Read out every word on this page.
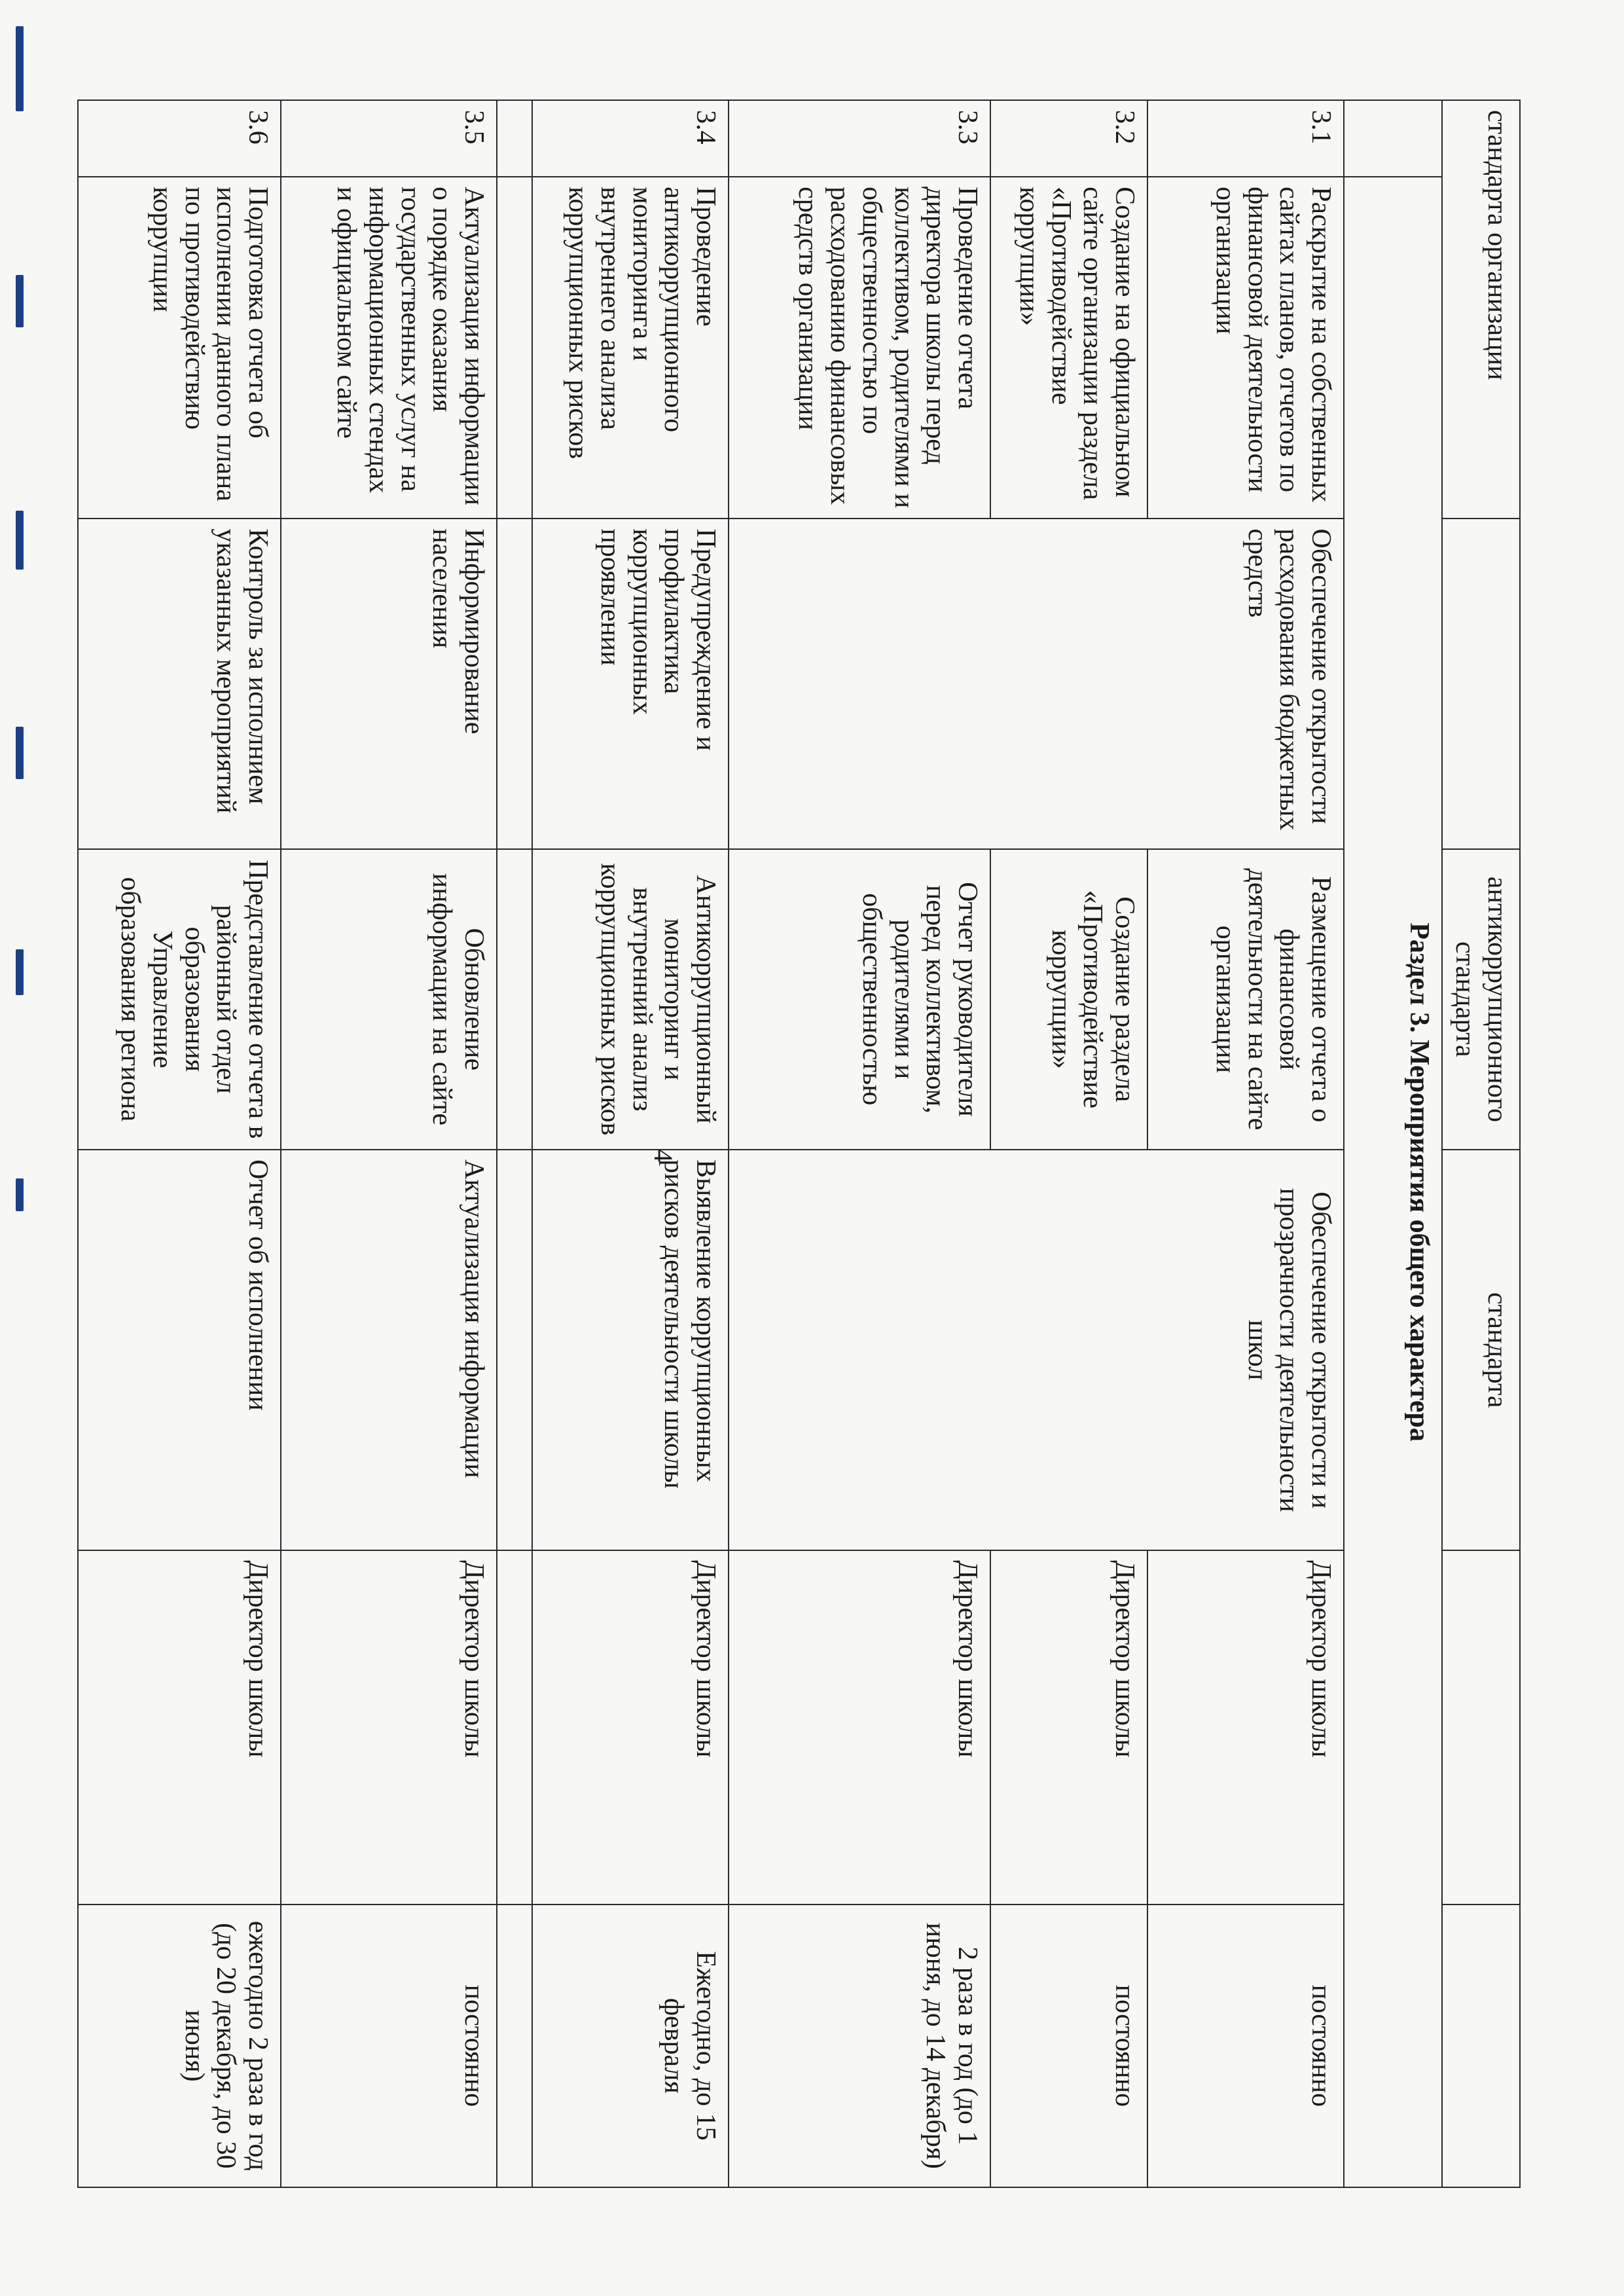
4
стандарта организации			антикоррупционного стандарта	стандарта		
	Раздел 3. Мероприятия общего характера					
3.1	Раскрытие на собственных сайтах планов, отчетов по финансовой деятельности организации	Обеспечение открытости расходования бюджетных средств	Размещение отчета о финансовой деятельности на сайте организации	Обеспечение открытости и прозрачности деятельности школ	Директор школы	постоянно
3.2	Создание на официальном сайте организации раздела «Противодействие коррупции»		Создание раздела «Противодействие коррупции»		Директор школы	постоянно
3.3	Проведение отчета директора школы перед коллективом, родителями и общественностью по расходованию финансовых средств организации		Отчет руководителя перед коллективом, родителями и общественностью		Директор школы	2 раза в год (до 1 июня, до 14 декабря)
3.4	Проведение антикоррупционного мониторинга и внутреннего анализа коррупционных рисков	Предупреждение и профилактика коррупционных проявлении	Антикоррупционный мониторинг и внутренний анализ коррупционных рисков	Выявление коррупционных рисков деятельности школы	Директор школы	Ежегодно, до 15 февраля

3.5	Актуализация информации о порядке оказания государственных услуг на информационных стендах и официальном сайте	Информирование населения	Обновление информации на сайте	Актуализация информации	Директор школы	постоянно
3.6	Подготовка отчета об исполнении данного плана по противодействию коррупции	Контроль за исполнием указанных мероприятий	Представление отчета в районный отдел образования Управление образования региона	Отчет об исполнении	Директор школы	ежегодно 2 раза в год (до 20 декабря, до 30 июня)
